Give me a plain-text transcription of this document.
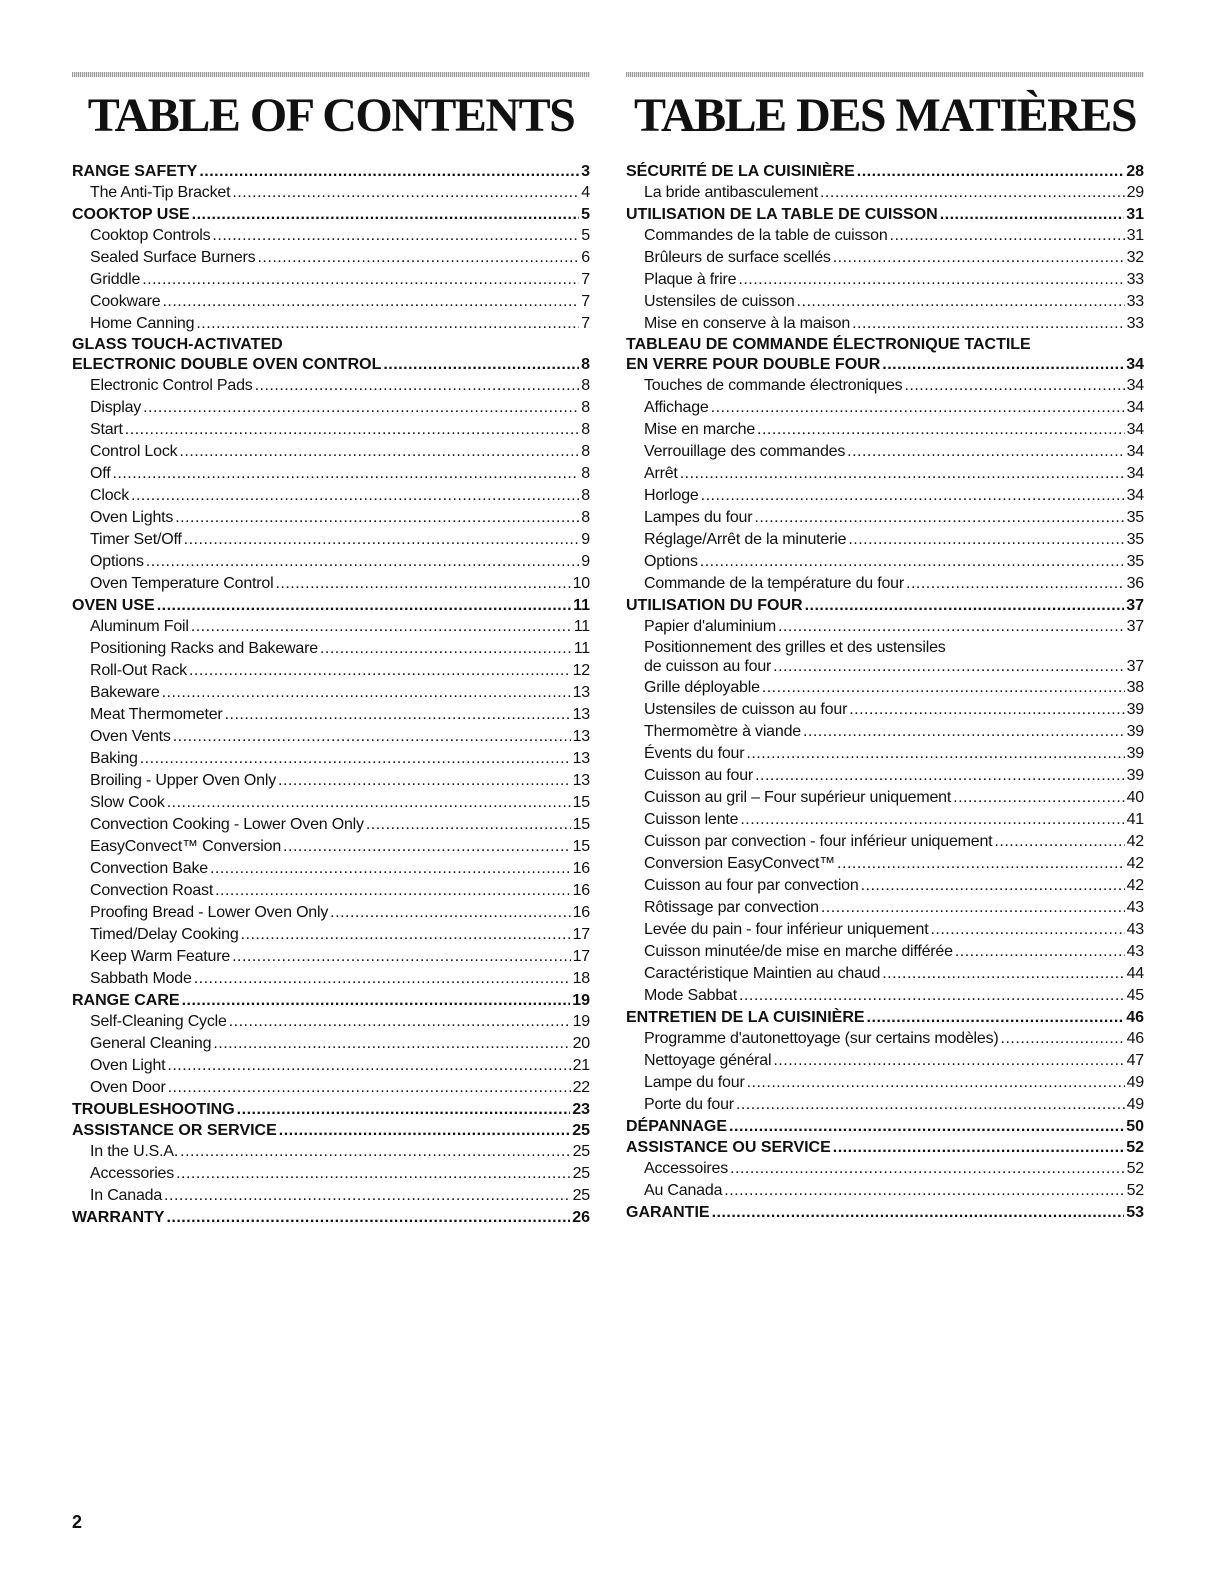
TABLE OF CONTENTS
RANGE SAFETY .....	3
The Anti-Tip Bracket .....	4
COOKTOP USE .....	5
Cooktop Controls .....	5
Sealed Surface Burners .....	6
Griddle .....	7
Cookware .....	7
Home Canning .....	7
GLASS TOUCH-ACTIVATED
ELECTRONIC DOUBLE OVEN CONTROL .....	8
Electronic Control Pads .....	8
Display .....	8
Start .....	8
Control Lock .....	8
Off .....	8
Clock .....	8
Oven Lights .....	8
Timer Set/Off .....	9
Options .....	9
Oven Temperature Control .....	10
OVEN USE .....	11
Aluminum Foil .....	11
Positioning Racks and Bakeware .....	11
Roll-Out Rack .....	12
Bakeware .....	13
Meat Thermometer .....	13
Oven Vents .....	13
Baking .....	13
Broiling - Upper Oven Only .....	13
Slow Cook .....	15
Convection Cooking - Lower Oven Only .....	15
EasyConvect™ Conversion .....	15
Convection Bake .....	16
Convection Roast .....	16
Proofing Bread - Lower Oven Only .....	16
Timed/Delay Cooking .....	17
Keep Warm Feature .....	17
Sabbath Mode .....	18
RANGE CARE .....	19
Self-Cleaning Cycle .....	19
General Cleaning .....	20
Oven Light .....	21
Oven Door .....	22
TROUBLESHOOTING .....	23
ASSISTANCE OR SERVICE .....	25
In the U.S.A. .....	25
Accessories .....	25
In Canada .....	25
WARRANTY .....	26
TABLE DES MATIÈRES
SÉCURITÉ DE LA CUISINIÈRE .....	28
La bride antibasculement .....	29
UTILISATION DE LA TABLE DE CUISSON .....	31
Commandes de la table de cuisson .....	31
Brûleurs de surface scellés .....	32
Plaque à frire .....	33
Ustensiles de cuisson .....	33
Mise en conserve à la maison .....	33
TABLEAU DE COMMANDE ÉLECTRONIQUE TACTILE
EN VERRE POUR DOUBLE FOUR .....	34
Touches de commande électroniques .....	34
Affichage .....	34
Mise en marche .....	34
Verrouillage des commandes .....	34
Arrêt .....	34
Horloge .....	34
Lampes du four .....	35
Réglage/Arrêt de la minuterie .....	35
Options .....	35
Commande de la température du four .....	36
UTILISATION DU FOUR .....	37
Papier d'aluminium .....	37
Positionnement des grilles et des ustensiles
de cuisson au four .....	37
Grille déployable .....	38
Ustensiles de cuisson au four .....	39
Thermomètre à viande .....	39
Évents du four .....	39
Cuisson au four .....	39
Cuisson au gril – Four supérieur uniquement .....	40
Cuisson lente .....	41
Cuisson par convection - four inférieur uniquement .....	42
Conversion EasyConvect™ .....	42
Cuisson au four par convection .....	42
Rôtissage par convection .....	43
Levée du pain - four inférieur uniquement .....	43
Cuisson minutée/de mise en marche différée .....	43
Caractéristique Maintien au chaud .....	44
Mode Sabbat .....	45
ENTRETIEN DE LA CUISINIÈRE .....	46
Programme d'autonettoyage (sur certains modèles) .....	46
Nettoyage général .....	47
Lampe du four .....	49
Porte du four .....	49
DÉPANNAGE .....	50
ASSISTANCE OU SERVICE .....	52
Accessoires .....	52
Au Canada .....	52
GARANTIE .....	53
2
